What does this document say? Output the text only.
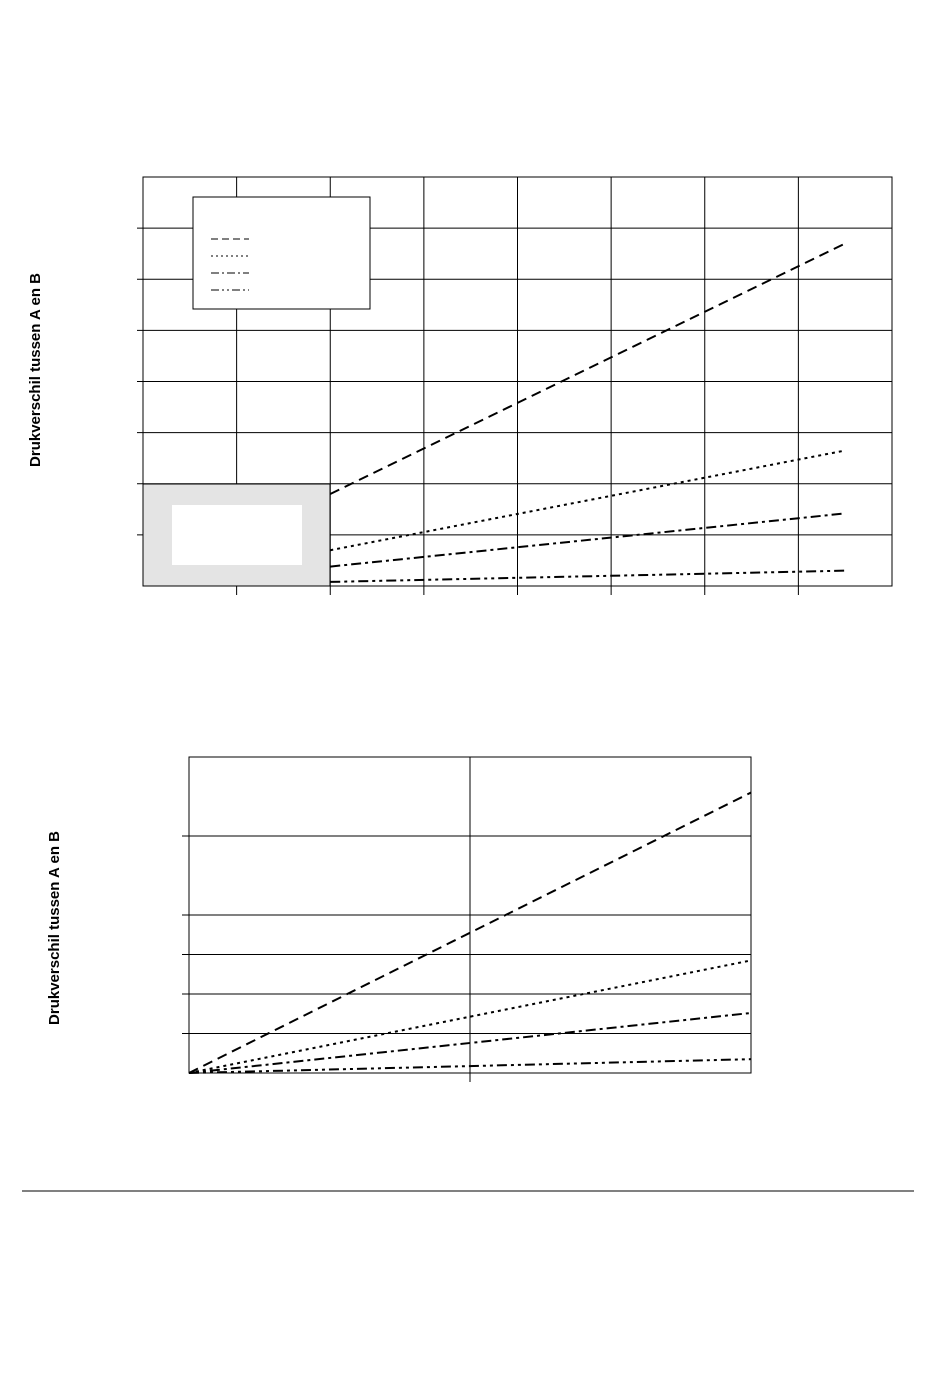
Drukverschil tussen A en B
Drukverschil tussen A en B
